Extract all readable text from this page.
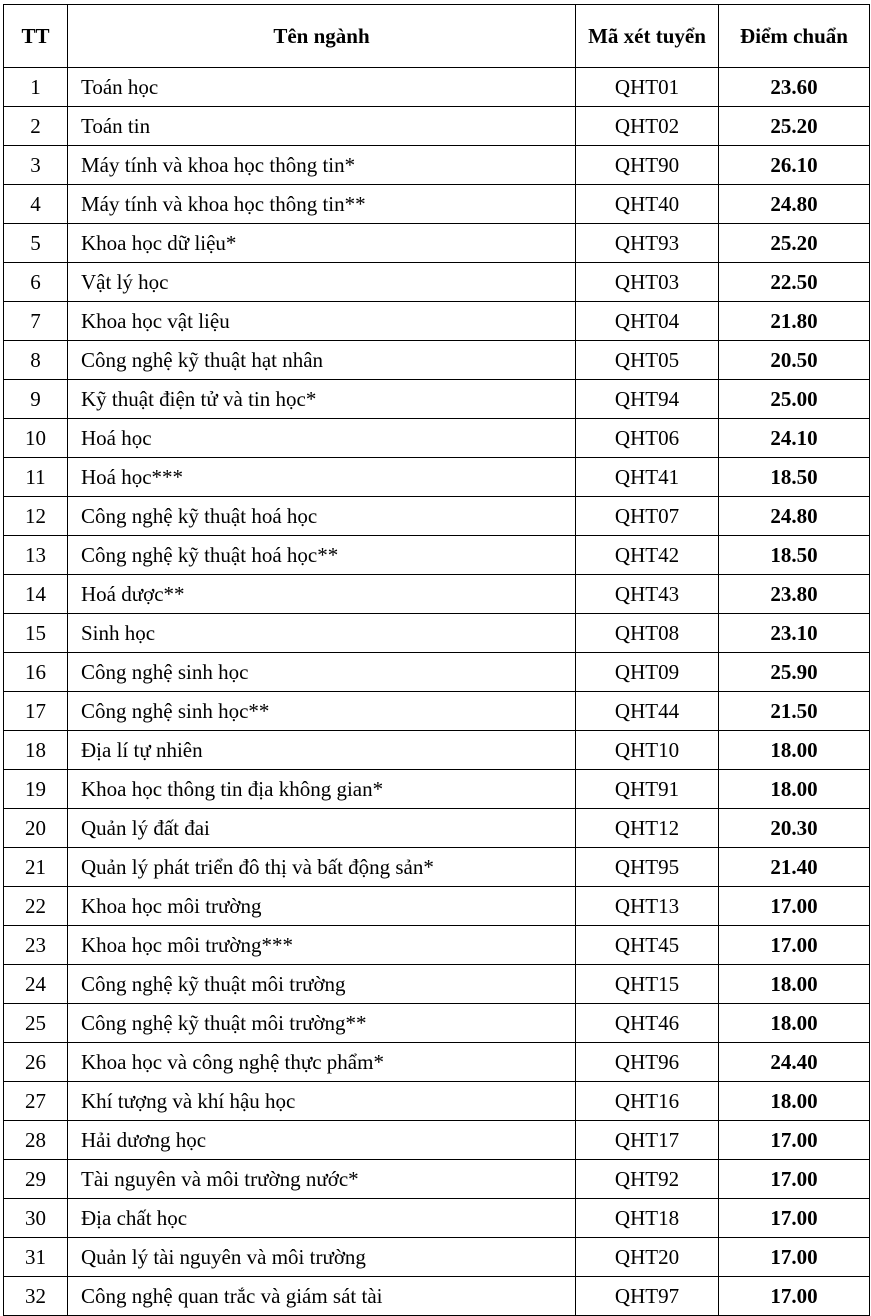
TT	Tên ngành	Mã xét tuyển	Điểm chuẩn
1	Toán học	QHT01	23.60
2	Toán tin	QHT02	25.20
3	Máy tính và khoa học thông tin*	QHT90	26.10
4	Máy tính và khoa học thông tin**	QHT40	24.80
5	Khoa học dữ liệu*	QHT93	25.20
6	Vật lý học	QHT03	22.50
7	Khoa học vật liệu	QHT04	21.80
8	Công nghệ kỹ thuật hạt nhân	QHT05	20.50
9	Kỹ thuật điện tử và tin học*	QHT94	25.00
10	Hoá học	QHT06	24.10
11	Hoá học***	QHT41	18.50
12	Công nghệ kỹ thuật hoá học	QHT07	24.80
13	Công nghệ kỹ thuật hoá học**	QHT42	18.50
14	Hoá dược**	QHT43	23.80
15	Sinh học	QHT08	23.10
16	Công nghệ sinh học	QHT09	25.90
17	Công nghệ sinh học**	QHT44	21.50
18	Địa lí tự nhiên	QHT10	18.00
19	Khoa học thông tin địa không gian*	QHT91	18.00
20	Quản lý đất đai	QHT12	20.30
21	Quản lý phát triển đô thị và bất động sản*	QHT95	21.40
22	Khoa học môi trường	QHT13	17.00
23	Khoa học môi trường***	QHT45	17.00
24	Công nghệ kỹ thuật môi trường	QHT15	18.00
25	Công nghệ kỹ thuật môi trường**	QHT46	18.00
26	Khoa học và công nghệ thực phẩm*	QHT96	24.40
27	Khí tượng và khí hậu học	QHT16	18.00
28	Hải dương học	QHT17	17.00
29	Tài nguyên và môi trường nước*	QHT92	17.00
30	Địa chất học	QHT18	17.00
31	Quản lý tài nguyên và môi trường	QHT20	17.00
32	Công nghệ quan trắc và giám sát tài	QHT97	17.00
